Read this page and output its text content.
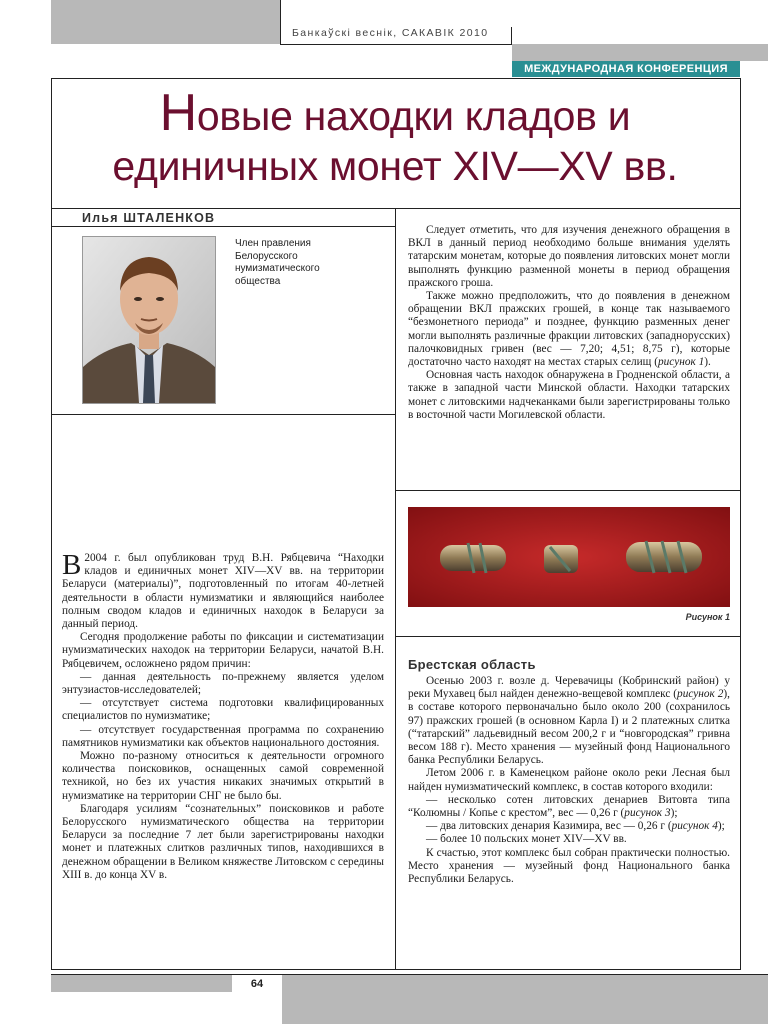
Банкаўскі веснік, САКАВІК 2010
МЕЖДУНАРОДНАЯ КОНФЕРЕНЦИЯ
Новые находки кладов и
единичных монет XIV—XV вв.
Илья ШТАЛЕНКОВ
Член правления Белорусского нумизматического общества

В 2004 г. был опубликован труд В.Н. Рябцевича “Находки кладов и единичных монет XIV—XV вв. на территории Беларуси (материалы)”, подготовленный по итогам 40-летней деятельности в области нумизматики и являющийся наиболее полным сводом кладов и единичных находок в Беларуси за данный период.

Сегодня продолжение работы по фиксации и систематизации нумизматических находок на территории Беларуси, начатой В.Н. Рябцевичем, осложнено рядом причин:

— данная деятельность по-прежнему является уделом энтузиастов-исследователей;

— отсутствует система подготовки квалифицированных специалистов по нумизматике;

— отсутствует государственная программа по сохранению памятников нумизматики как объектов национального достояния.

Можно по-разному относиться к деятельности огромного количества поисковиков, оснащенных самой современной техникой, но без их участия никаких значимых открытий в нумизматике на территории СНГ не было бы.

Благодаря усилиям “сознательных” поисковиков и работе Белорусского нумизматического общества на территории Беларуси за последние 7 лет были зарегистрированы находки монет и платежных слитков различных типов, находившихся в денежном обращении в Великом княжестве Литовском с середины XIII в. до конца XV в.

Следует отметить, что для изучения денежного обращения в ВКЛ в данный период необходимо больше внимания уделять татарским монетам, которые до появления литовских монет могли выполнять функцию разменной монеты в период обращения пражского гроша.

Также можно предположить, что до появления в денежном обращении ВКЛ пражских грошей, в конце так называемого “безмонетного периода” и позднее, функцию разменных денег могли выполнять различные фракции литовских (западнорусских) палочковидных гривен (вес — 7,20; 4,51; 8,75 г), которые достаточно часто находят на местах старых селищ (рисунок 1).

Основная часть находок обнаружена в Гродненской области, а также в западной части Минской области. Находки татарских монет с литовскими надчеканками были зарегистрированы только в восточной части Могилевской области.

Рисунок 1
Брестская область

Осенью 2003 г. возле д. Черевачицы (Кобринский район) у реки Мухавец был найден денежно-вещевой комплекс (рисунок 2), в составе которого первоначально было около 200 (сохранилось 97) пражских грошей (в основном Карла I) и 2 платежных слитка (“татарский” ладьевидный весом 200,2 г и “новгородская” гривна весом 188 г). Место хранения — музейный фонд Национального банка Республики Беларусь.

Летом 2006 г. в Каменецком районе около реки Лесная был найден нумизматический комплекс, в состав которого входили:

— несколько сотен литовских денариев Витовта типа “Колюмны / Копье с крестом”, вес — 0,26 г (рисунок 3);

— два литовских денария Казимира, вес — 0,26 г (рисунок 4);

— более 10 польских монет XIV—XV вв.

К счастью, этот комплекс был собран практически полностью. Место хранения — музейный фонд Национального банка Республики Беларусь.

64
